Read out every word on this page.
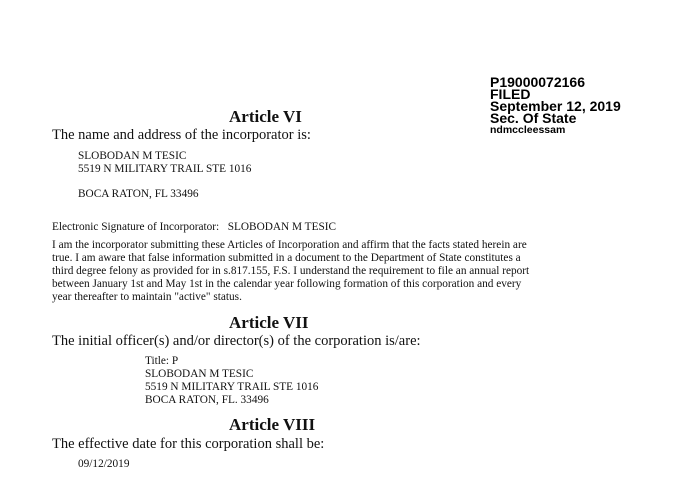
P19000072166
FILED
September 12, 2019
Sec. Of State
ndmccleessam
Article VI
The name and address of the incorporator is:
SLOBODAN M TESIC
5519 N MILITARY TRAIL STE 1016
BOCA RATON, FL 33496
Electronic Signature of Incorporator: SLOBODAN M TESIC
I am the incorporator submitting these Articles of Incorporation and affirm that the facts stated herein are
true. I am aware that false information submitted in a document to the Department of State constitutes a
third degree felony as provided for in s.817.155, F.S. I understand the requirement to file an annual report
between January 1st and May 1st in the calendar year following formation of this corporation and every
year thereafter to maintain "active" status.
Article VII
The initial officer(s) and/or director(s) of the corporation is/are:
Title: P
SLOBODAN M TESIC
5519 N MILITARY TRAIL STE 1016
BOCA RATON, FL. 33496
Article VIII
The effective date for this corporation shall be:
09/12/2019
